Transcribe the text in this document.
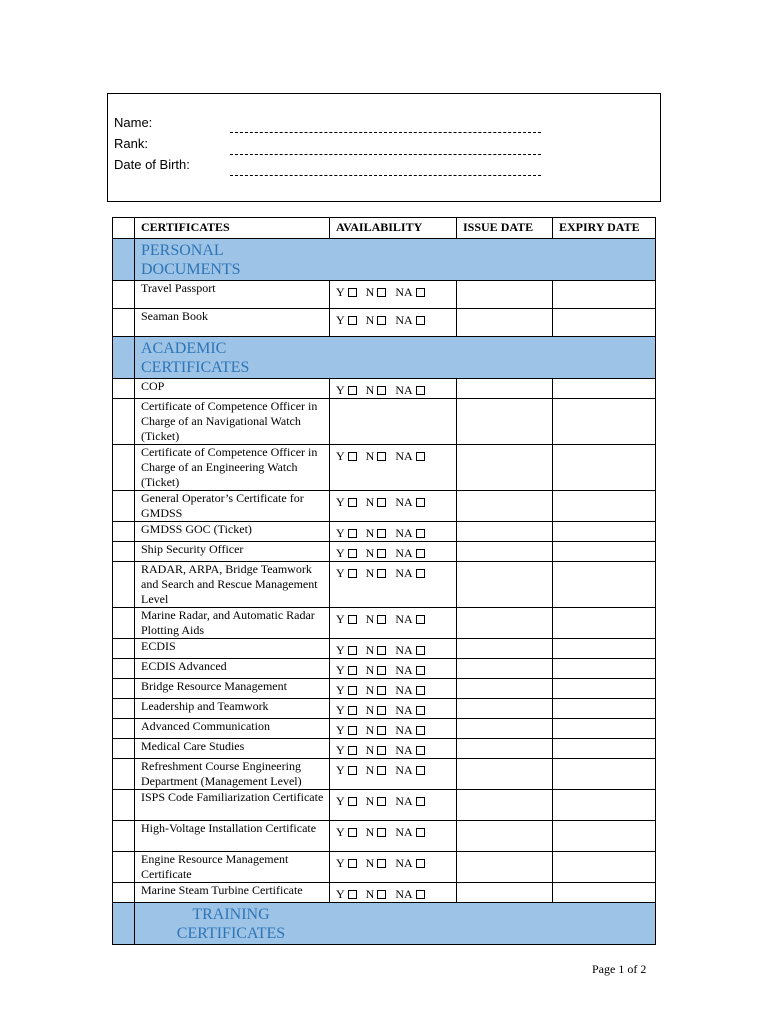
Name:
Rank:
Date of Birth:
	CERTIFICATES	AVAILABILITY	ISSUE DATE	EXPIRY DATE

	PERSONAL DOCUMENTS			

	Travel Passport	Y N NA		

	Seaman Book	Y N NA		

	ACADEMIC CERTIFICATES			

	COP	Y N NA		

	Certificate of Competence Officer in Charge of an Navigational Watch (Ticket)			
	Certificate of Competence Officer in Charge of an Engineering Watch (Ticket)	Y N NA		

	General Operator’s Certificate for GMDSS	Y N NA		

	GMDSS GOC (Ticket)	Y N NA		

	Ship Security Officer	Y N NA		

	RADAR, ARPA, Bridge Teamwork and Search and Rescue Management Level	Y N NA		

	Marine Radar, and Automatic Radar Plotting Aids	Y N NA		

	ECDIS	Y N NA		

	ECDIS Advanced	Y N NA		

	Bridge Resource Management	Y N NA		

	Leadership and Teamwork	Y N NA		

	Advanced Communication	Y N NA		

	Medical Care Studies	Y N NA		

	Refreshment Course Engineering Department (Management Level)	Y N NA		

	ISPS Code Familiarization Certificate	Y N NA		

	High-Voltage Installation Certificate	Y N NA		

	Engine Resource Management Certificate	Y N NA		

	Marine Steam Turbine Certificate	Y N NA		

	TRAINING CERTIFICATES			
Page 1 of 2
